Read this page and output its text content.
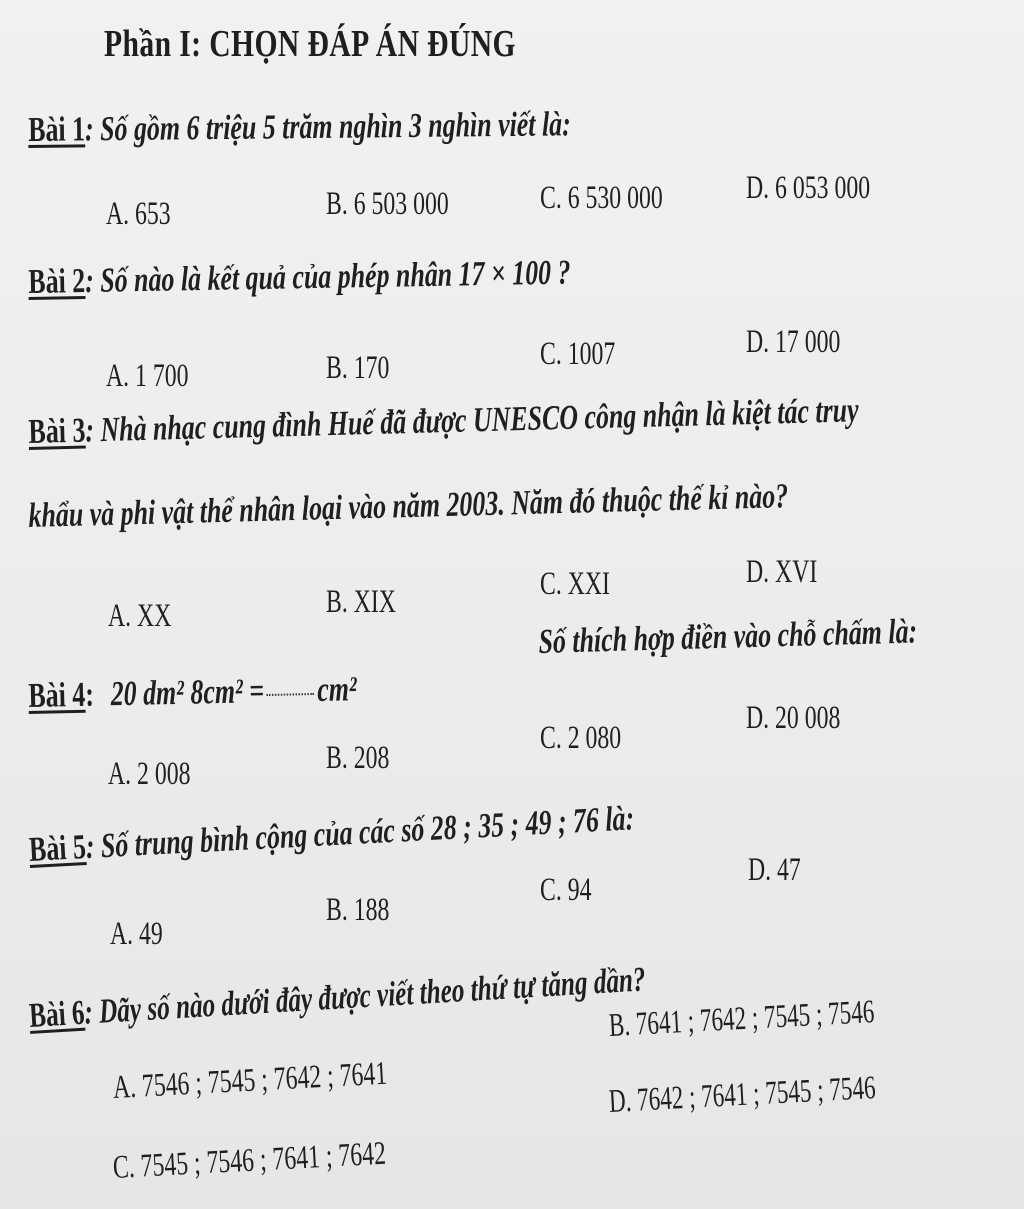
Phần I: CHỌN ĐÁP ÁN ĐÚNG
Bài 1: Số gồm 6 triệu 5 trăm nghìn 3 nghìn viết là:
A. 653	B. 6 503 000	C. 6 530 000	D. 6 053 000
Bài 2: Số nào là kết quả của phép nhân 17 × 100 ?
A. 1 700	B. 170	C. 1007	D. 17 000
Bài 3: Nhà nhạc cung đình Huế đã được UNESCO công nhận là kiệt tác truy
khẩu và phi vật thể nhân loại vào năm 2003. Năm đó thuộc thế kỉ nào?
A. XX	B. XIX	C. XXI	D. XVI
Bài 4: 20 dm² 8cm² = cm²
Số thích hợp điền vào chỗ chấm là:
A. 2 008	B. 208
C. 2 080
D. 20 008
Bài 5: Số trung bình cộng của các số 28 ; 35 ; 49 ; 76 là:
A. 49
B. 188
C. 94
D. 47
Bài 6: Dãy số nào dưới đây được viết theo thứ tự tăng dần?
A. 7546 ; 7545 ; 7642 ; 7641
B. 7641 ; 7642 ; 7545 ; 7546
C. 7545 ; 7546 ; 7641 ; 7642
D. 7642 ; 7641 ; 7545 ; 7546
